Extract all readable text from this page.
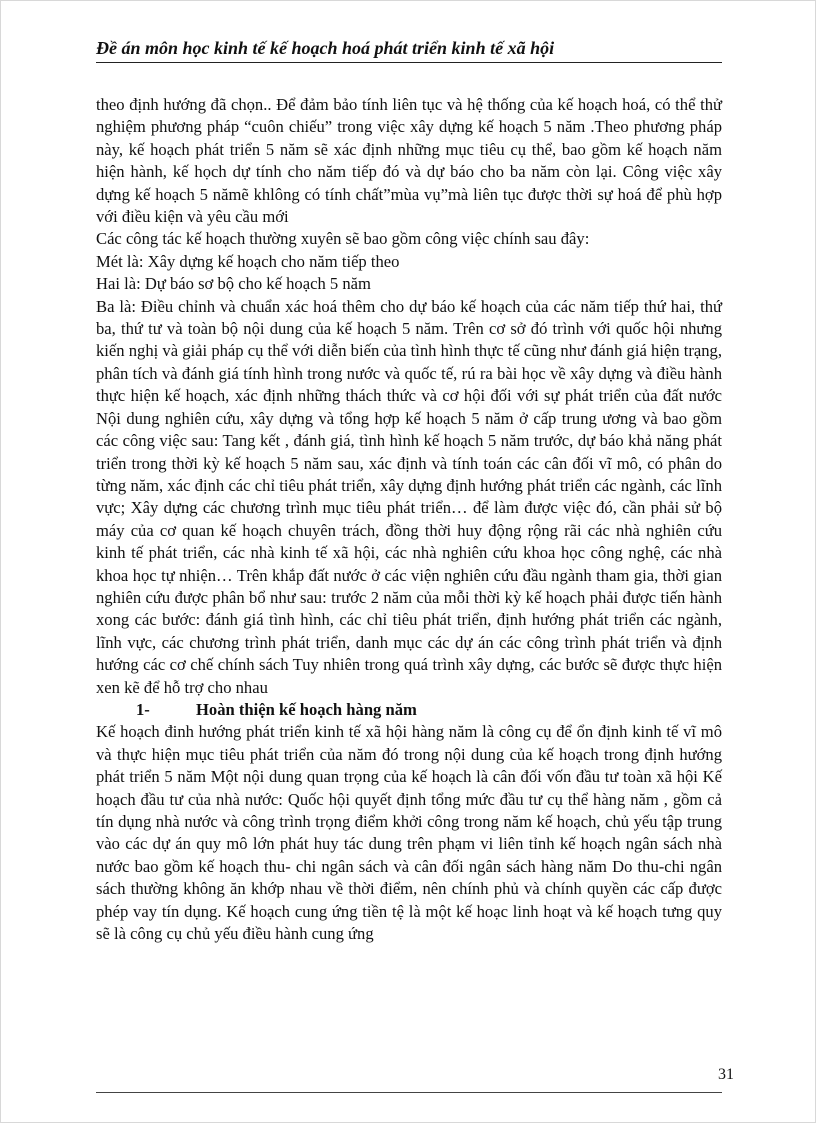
Đề án môn học kinh tế kế hoạch hoá phát triển kinh tế xã hội

theo định hướng đã chọn.. Để đảm bảo tính liên tục và hệ thống của kế hoạch hoá, có thể thử nghiệm phương pháp “cuôn chiếu” trong việc xây dựng kế hoạch 5 năm .Theo phương pháp này, kế hoạch phát triển 5 năm sẽ xác định những mục tiêu cụ thể, bao gồm kế hoạch năm hiện hành, kế họch dự tính cho năm tiếp đó và dự báo cho ba năm còn lại. Công việc xây dựng kế hoạch 5 nămẽ khlông có tính chất”mùa vụ”mà liên tục được thời sự hoá để phù hợp với điều kiện và yêu cầu mới

Các công tác kế hoạch thường xuyên sẽ bao gồm công việc chính sau đây:

Mét là: Xây dựng kế hoạch cho năm tiếp theo

Hai là: Dự báo sơ bộ cho kế hoạch 5 năm

Ba là: Điều chỉnh và chuẩn xác hoá thêm cho dự báo kế hoạch của các năm tiếp thứ hai, thứ ba, thứ tư và toàn bộ nội dung của kế hoạch 5 năm. Trên cơ sở đó trình với quốc hội nhưng kiến nghị và giải pháp cụ thể với diễn biến của tình hình thực tế cũng như đánh giá hiện trạng, phân tích và đánh giá tính hình trong nước và quốc tế, rú ra bài học về xây dựng và điều hành thực hiện kế hoạch, xác định những thách thức và cơ hội đối với sự phát triển của đất nước Nội dung nghiên cứu, xây dựng và tổng hợp kế hoạch 5 năm ở cấp trung ương và bao gồm các công việc sau: Tang kết , đánh giá, tình hình kế hoạch 5 năm trước, dự báo khả năng phát triển trong thời kỳ kế hoạch 5 năm sau, xác định và tính toán các cân đối vĩ mô, có phân do từng năm, xác định các chỉ tiêu phát triển, xây dựng định hướng phát triển các ngành, các lĩnh vực; Xây dựng các chương trình mục tiêu phát triển… để làm được việc đó, cần phải sử bộ máy của cơ quan kế hoạch chuyên trách, đồng thời huy động rộng rãi các nhà nghiên cứu kinh tế phát triển, các nhà kinh tế xã hội, các nhà nghiên cứu khoa học công nghệ, các nhà khoa học tự nhiện… Trên khắp đất nước ở các viện nghiên cứu đầu ngành tham gia, thời gian nghiên cứu được phân bổ như sau: trước 2 năm của mỗi thời kỳ kế hoạch phải được tiến hành xong các bước: đánh giá tình hình, các chỉ tiêu phát triển, định hướng phát triển các ngành, lĩnh vực, các chương trình phát triển, danh mục các dự án các công trình phát triển và định hướng các cơ chế chính sách Tuy nhiên trong quá trình xây dựng, các bước sẽ được thực hiện xen kẽ để hỗ trợ cho nhau

1-	Hoàn thiện kế hoạch hàng năm

Kế hoạch đinh hướng phát triển kinh tế xã hội hàng năm là công cụ để ổn định kinh tế vĩ mô và thực hiện mục tiêu phát triển của năm đó trong nội dung của kế hoạch trong định hướng phát triển 5 năm Một nội dung quan trọng của kế hoạch là cân đối vốn đầu tư toàn xã hội Kế hoạch đầu tư của nhà nước: Quốc hội quyết định tổng mức đầu tư cụ thể hàng năm , gồm cả tín dụng nhà nước và công trình trọng điểm khởi công trong năm kế hoạch, chủ yếu tập trung vào các dự án quy mô lớn phát huy tác dung trên phạm vi liên tỉnh kế hoạch ngân sách nhà nước bao gồm kế hoạch thu- chi ngân sách và cân đối ngân sách hàng năm Do thu-chi ngân sách thường không ăn khớp nhau về thời điểm, nên chính phủ và chính quyền các cấp được phép vay tín dụng. Kế hoạch cung ứng tiền tệ là một kế hoạc linh hoạt và kế hoạch tưng quy sẽ là công cụ chủ yếu điều hành cung ứng

31
